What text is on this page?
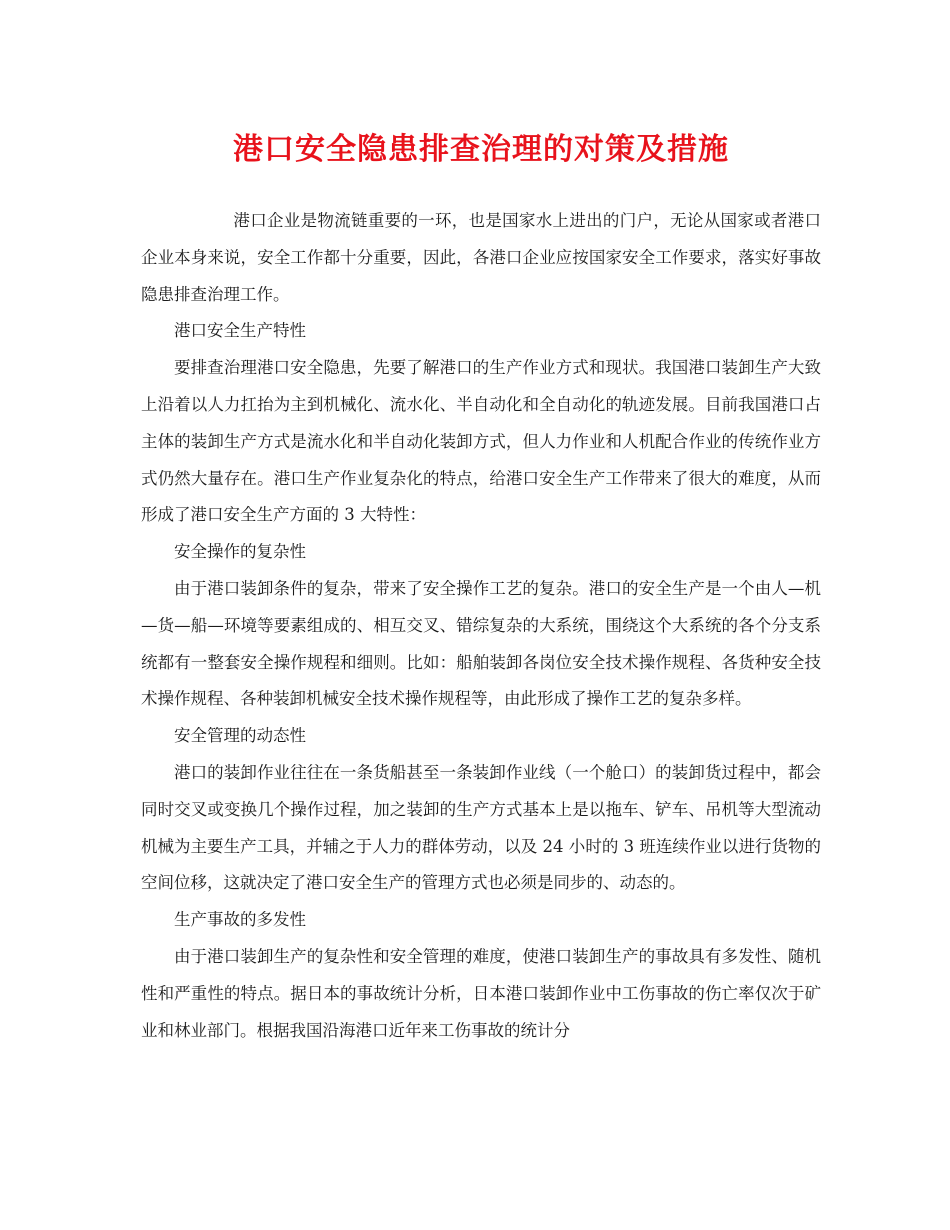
港口安全隐患排查治理的对策及措施

港口企业是物流链重要的一环，也是国家水上进出的门户，无论从国家或者港口企业本身来说，安全工作都十分重要，因此，各港口企业应按国家安全工作要求，落实好事故隐患排查治理工作。

港口安全生产特性

要排查治理港口安全隐患，先要了解港口的生产作业方式和现状。我国港口装卸生产大致上沿着以人力扛抬为主到机械化、流水化、半自动化和全自动化的轨迹发展。目前我国港口占主体的装卸生产方式是流水化和半自动化装卸方式，但人力作业和人机配合作业的传统作业方式仍然大量存在。港口生产作业复杂化的特点，给港口安全生产工作带来了很大的难度，从而形成了港口安全生产方面的 3 大特性：

安全操作的复杂性

由于港口装卸条件的复杂，带来了安全操作工艺的复杂。港口的安全生产是一个由人—机—货—船—环境等要素组成的、相互交叉、错综复杂的大系统，围绕这个大系统的各个分支系统都有一整套安全操作规程和细则。比如：船舶装卸各岗位安全技术操作规程、各货种安全技术操作规程、各种装卸机械安全技术操作规程等，由此形成了操作工艺的复杂多样。

安全管理的动态性

港口的装卸作业往往在一条货船甚至一条装卸作业线（一个舱口）的装卸货过程中，都会同时交叉或变换几个操作过程，加之装卸的生产方式基本上是以拖车、铲车、吊机等大型流动机械为主要生产工具，并辅之于人力的群体劳动，以及 24 小时的 3 班连续作业以进行货物的空间位移，这就决定了港口安全生产的管理方式也必须是同步的、动态的。

生产事故的多发性

由于港口装卸生产的复杂性和安全管理的难度，使港口装卸生产的事故具有多发性、随机性和严重性的特点。据日本的事故统计分析，日本港口装卸作业中工伤事故的伤亡率仅次于矿业和林业部门。根据我国沿海港口近年来工伤事故的统计分
